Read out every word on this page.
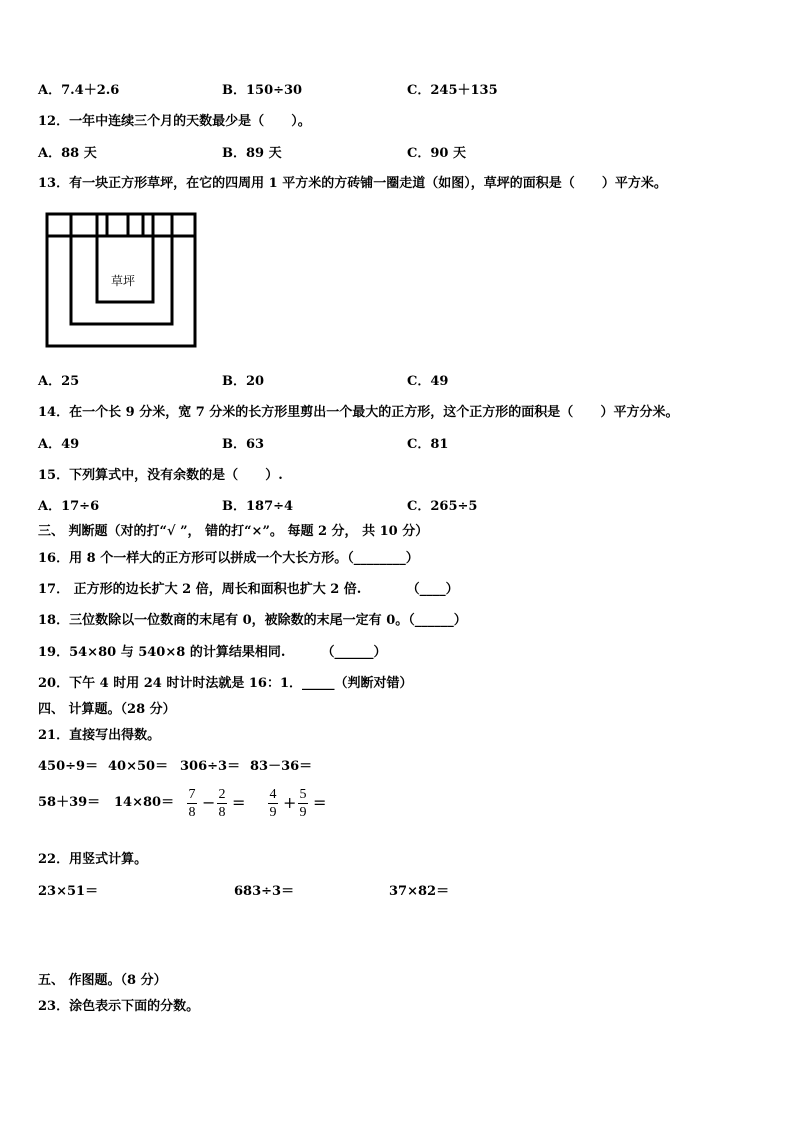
A．7.4＋2.6	B．150÷30	C．245＋135
12．一年中连续三个月的天数最少是（      ）。
A．88 天	B．89 天	C．90 天
13．有一块正方形草坪，在它的四周用 1 平方米的方砖铺一圈走道（如图），草坪的面积是（      ）平方米。
草坪
A．25	B．20	C．49
14．在一个长 9 分米，宽 7 分米的长方形里剪出一个最大的正方形，这个正方形的面积是（      ）平方分米。
A．49	B．63	C．81
15．下列算式中，没有余数的是（      ）.
A．17÷6	B．187÷4	C．265÷5
三、 判断题（对的打“√ ”， 错的打“×”。 每题 2 分， 共 10 分）
16．用 8 个一样大的正方形可以拼成一个大长方形。（________）
17． 正方形的边长扩大 2 倍，周长和面积也扩大 2 倍.          （____）
18．三位数除以一位数商的末尾有 0，被除数的末尾一定有 0。（______）
19．54×80 与 540×8 的计算结果相同.        （______）
20．下午 4 时用 24 时计时法就是 16：1．_____（判断对错）
四、 计算题。（28 分）
21．直接写出得数。
450÷9＝ 40×50＝ 306÷3＝ 83－36＝
58＋39＝ 14×80＝
7
8
− 2
8
= 4
9
+ 5
9
=
22．用竖式计算。
23×51＝	683÷3＝	37×82＝
五、 作图题。（8 分）
23．涂色表示下面的分数。
